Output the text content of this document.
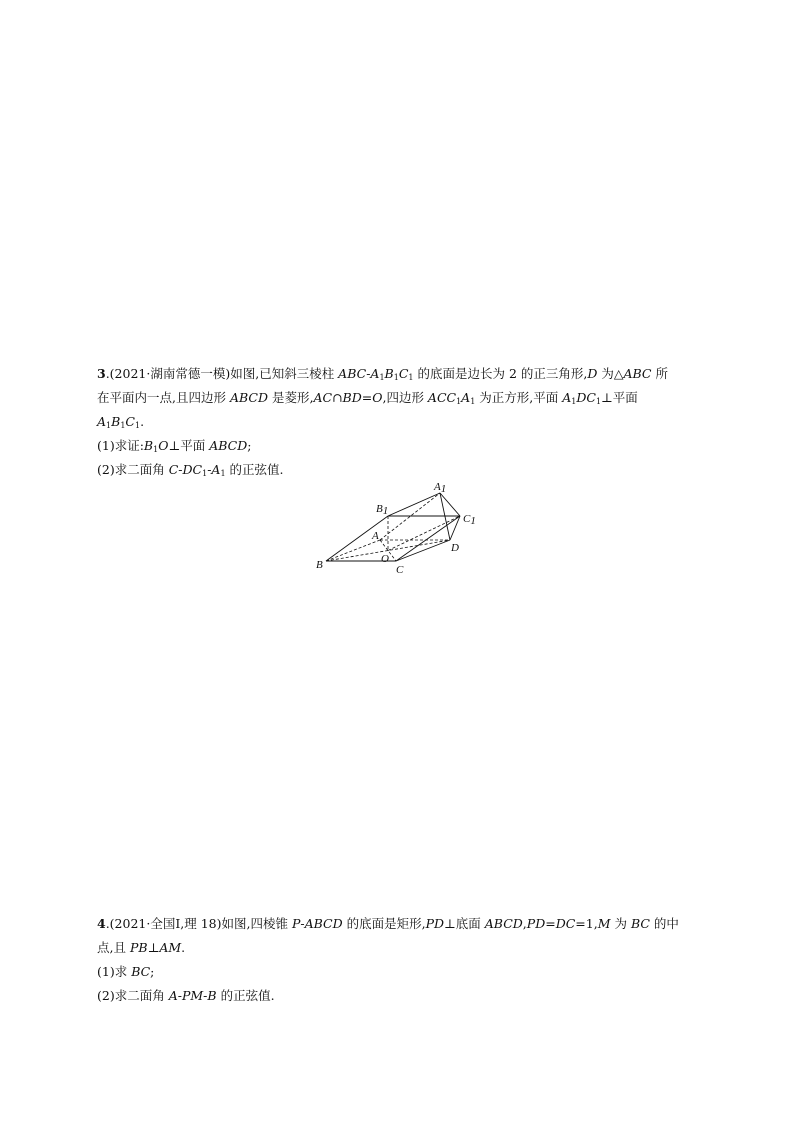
3.(2021·湖南常德一模)如图,已知斜三棱柱 ABC-$A_1B_1C_1$ 的底面是边长为 2 的正三角形,D 为△ABC 所
在平面内一点,且四边形 ABCD 是菱形,AC∩BD=O,四边形 $ACC_1A_1$ 为正方形,平面 $A_1DC_1\perp$平面
$A_1B_1C_1$.
(1)求证$:B_1O\perp$平面 ABCD;
(2)求二面角 $C-DC_1-A_1$ 的正弦值.
A1
B1
C1
A
B	O
C
D
4.(2021·全国Ⅰ,理 18)如图,四棱锥 P-ABCD 的底面是矩形,PD⊥底面 ABCD,PD=DC=1,M 为 BC 的中
点,且 PB⊥AM.
(1)求 BC;
(2)求二面角 A-PM-B 的正弦值.
